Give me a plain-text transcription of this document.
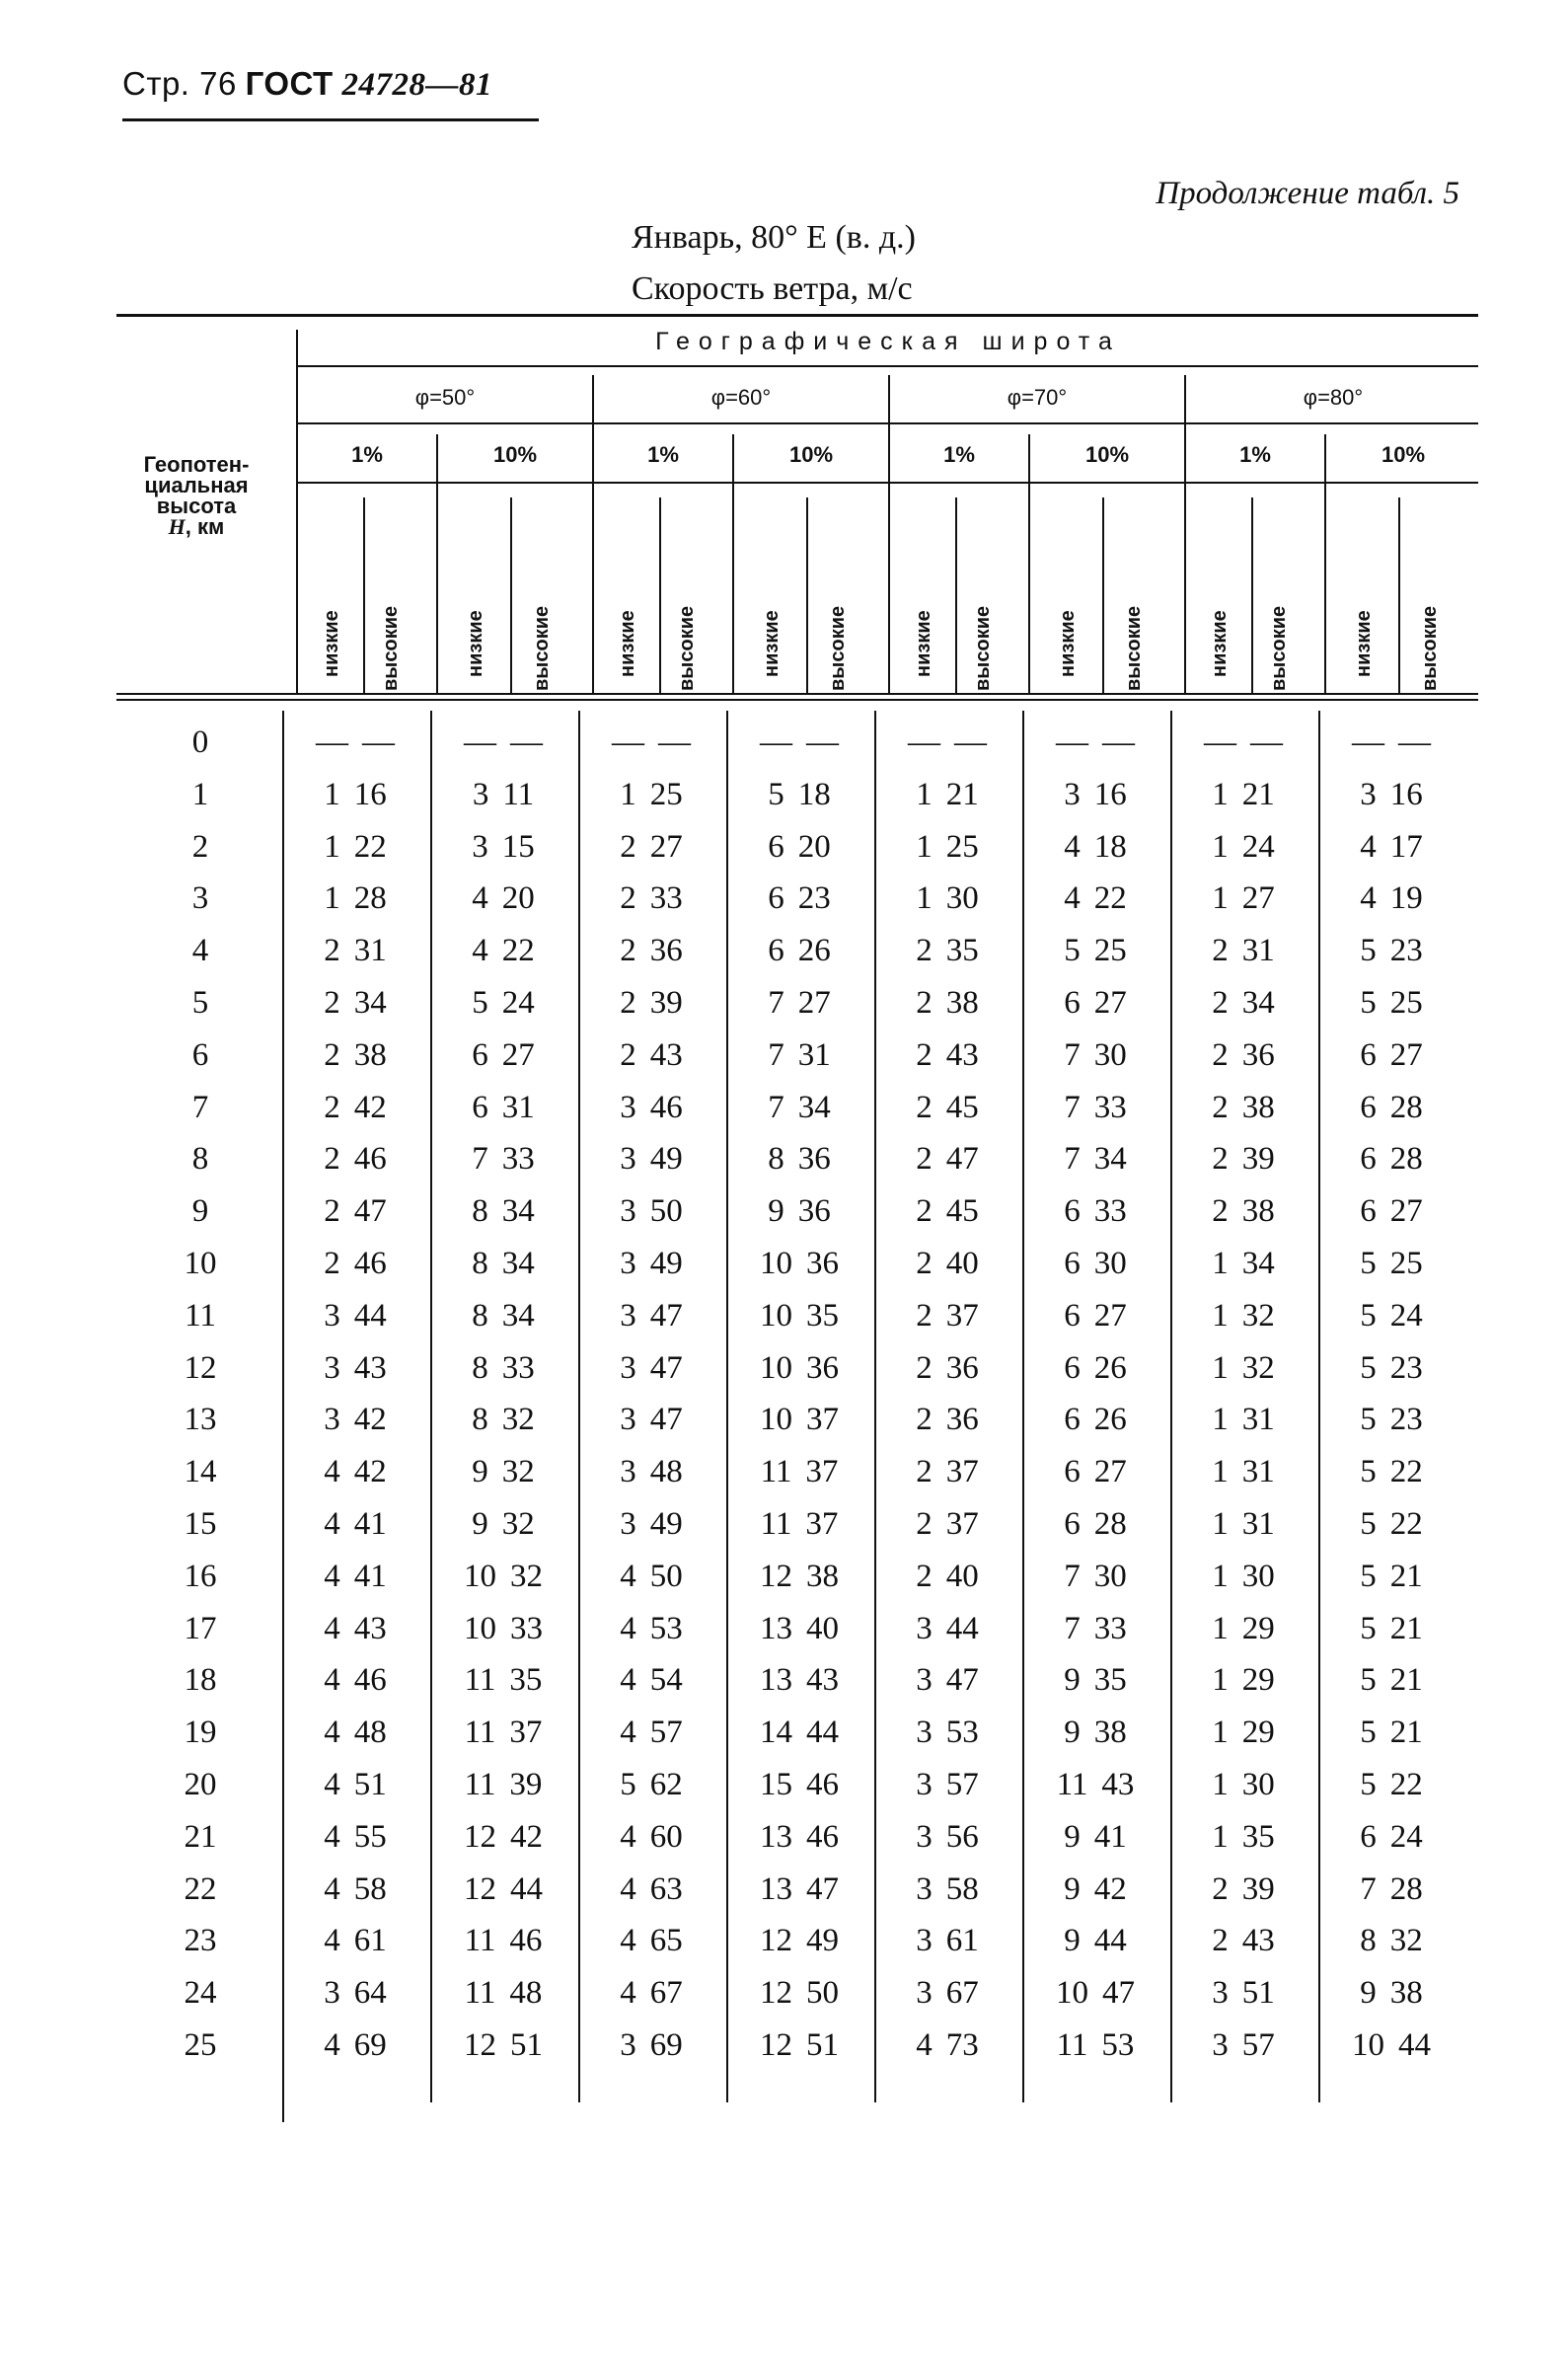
Стр. 76 ГОСТ 24728—81
Продолжение табл. 5
Январь, 80° E (в. д.)
Скорость ветра, м/с
Геопотен-
циальная
высота
H, км
Географическая широта
φ=50°	φ=60°	φ=70°	φ=80°
1%	10%	1%	10%	1%	10%	1%	10%
низкие высокие	низкие высокие	низкие высокие	низкие высокие	низкие высокие	низкие высокие	низкие высокие	низкие высокие
0	— —	— —	— —	— —	— —	— —	— —	— —
1	1 16	3 11	1 25	5 18	1 21	3 16	1 21	3 16
2	1 22	3 15	2 27	6 20	1 25	4 18	1 24	4 17
3	1 28	4 20	2 33	6 23	1 30	4 22	1 27	4 19
4	2 31	4 22	2 36	6 26	2 35	5 25	2 31	5 23
5	2 34	5 24	2 39	7 27	2 38	6 27	2 34	5 25
6	2 38	6 27	2 43	7 31	2 43	7 30	2 36	6 27
7	2 42	6 31	3 46	7 34	2 45	7 33	2 38	6 28
8	2 46	7 33	3 49	8 36	2 47	7 34	2 39	6 28
9	2 47	8 34	3 50	9 36	2 45	6 33	2 38	6 27
10	2 46	8 34	3 49	10 36	2 40	6 30	1 34	5 25
11	3 44	8 34	3 47	10 35	2 37	6 27	1 32	5 24
12	3 43	8 33	3 47	10 36	2 36	6 26	1 32	5 23
13	3 42	8 32	3 47	10 37	2 36	6 26	1 31	5 23
14	4 42	9 32	3 48	11 37	2 37	6 27	1 31	5 22
15	4 41	9 32	3 49	11 37	2 37	6 28	1 31	5 22
16	4 41	10 32	4 50	12 38	2 40	7 30	1 30	5 21
17	4 43	10 33	4 53	13 40	3 44	7 33	1 29	5 21
18	4 46	11 35	4 54	13 43	3 47	9 35	1 29	5 21
19	4 48	11 37	4 57	14 44	3 53	9 38	1 29	5 21
20	4 51	11 39	5 62	15 46	3 57	11 43	1 30	5 22
21	4 55	12 42	4 60	13 46	3 56	9 41	1 35	6 24
22	4 58	12 44	4 63	13 47	3 58	9 42	2 39	7 28
23	4 61	11 46	4 65	12 49	3 61	9 44	2 43	8 32
24	3 64	11 48	4 67	12 50	3 67	10 47	3 51	9 38
25	4 69	12 51	3 69	12 51	4 73	11 53	3 57	10 44
